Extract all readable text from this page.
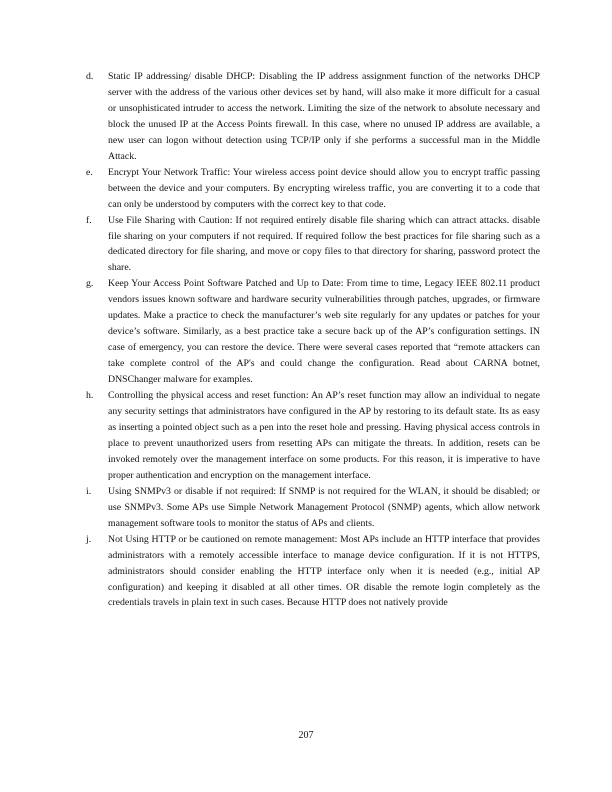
d. Static IP addressing/ disable DHCP: Disabling the IP address assignment function of the networks DHCP server with the address of the various other devices set by hand, will also make it more difficult for a casual or unsophisticated intruder to access the network. Limiting the size of the network to absolute necessary and block the unused IP at the Access Points firewall. In this case, where no unused IP address are available, a new user can logon without detection using TCP/IP only if she performs a successful man in the Middle Attack.
e. Encrypt Your Network Traffic: Your wireless access point device should allow you to encrypt traffic passing between the device and your computers. By encrypting wireless traffic, you are converting it to a code that can only be understood by computers with the correct key to that code.
f. Use File Sharing with Caution: If not required entirely disable file sharing which can attract attacks. disable file sharing on your computers if not required. If required follow the best practices for file sharing such as a dedicated directory for file sharing, and move or copy files to that directory for sharing, password protect the share.
g. Keep Your Access Point Software Patched and Up to Date: From time to time, Legacy IEEE 802.11 product vendors issues known software and hardware security vulnerabilities through patches, upgrades, or firmware updates. Make a practice to check the manufacturer’s web site regularly for any updates or patches for your device’s software. Similarly, as a best practice take a secure back up of the AP’s configuration settings. IN case of emergency, you can restore the device. There were several cases reported that “remote attackers can take complete control of the AP's and could change the configuration. Read about CARNA botnet, DNSChanger malware for examples.
h. Controlling the physical access and reset function: An AP’s reset function may allow an individual to negate any security settings that administrators have configured in the AP by restoring to its default state. Its as easy as inserting a pointed object such as a pen into the reset hole and pressing. Having physical access controls in place to prevent unauthorized users from resetting APs can mitigate the threats. In addition, resets can be invoked remotely over the management interface on some products. For this reason, it is imperative to have proper authentication and encryption on the management interface.
i. Using SNMPv3 or disable if not required: If SNMP is not required for the WLAN, it should be disabled; or use SNMPv3. Some APs use Simple Network Management Protocol (SNMP) agents, which allow network management software tools to monitor the status of APs and clients.
j. Not Using HTTP or be cautioned on remote management: Most APs include an HTTP interface that provides administrators with a remotely accessible interface to manage device configuration. If it is not HTTPS, administrators should consider enabling the HTTP interface only when it is needed (e.g., initial AP configuration) and keeping it disabled at all other times. OR disable the remote login completely as the credentials travels in plain text in such cases. Because HTTP does not natively provide
207
